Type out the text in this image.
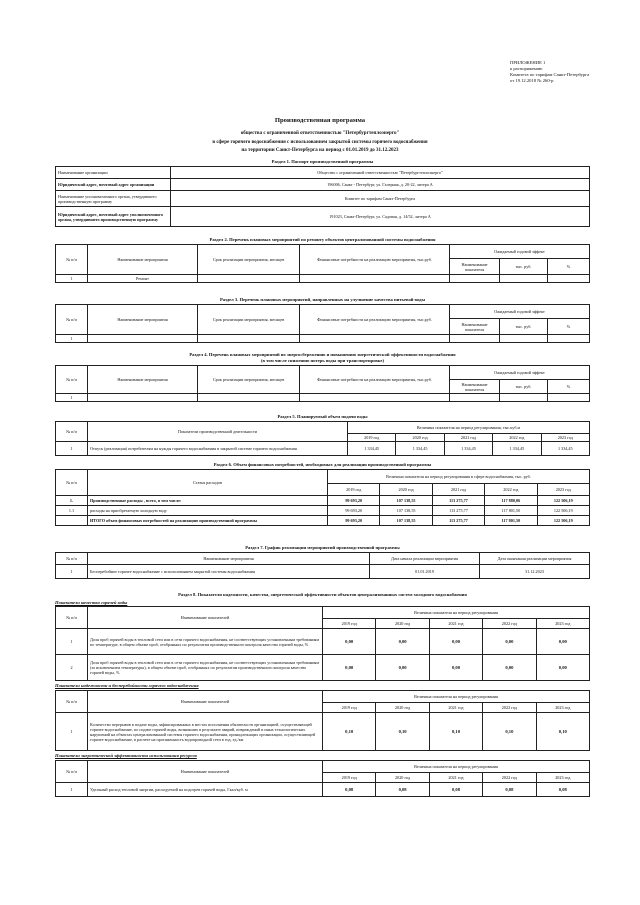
ПРИЛОЖЕНИЕ 1
к распоряжению
Комитета по тарифам Санкт-Петербурга
от 19.12.2018 № 260-р
Производственная программа
общества с ограниченной ответственностью "Петербургтеплоэнерго"
в сфере горячего водоснабжения с использованием закрытой системы горячего водоснабжения
на территории Санкт-Петербурга на период с 01.01.2019 до 31.12.2023
Раздел 1. Паспорт производственной программы
Наименование организации	Общество с ограниченной ответственностью "Петербургтеплоэнерго"
Юридический адрес, почтовый адрес организации	196006, Санкт - Петербург, ул. Галерная, д. 20-22, литера А
Наименование уполномоченного органа, утвердившего производственную программу	Комитет по тарифам Санкт-Петербурга
Юридический адрес, почтовый адрес уполномоченного органа, утвердившего производственную программу	191023, Санкт-Петербург, ул. Садовая, д. 14/52, литера А
Раздел 2. Перечень плановых мероприятий по ремонту объектов централизованной системы водоснабжения
№ п/п	Наименование мероприятия	Срок реализации мероприятия, месяцев	Финансовые потребности на реализацию мероприятия, тыс.руб.	Ожидаемый годовой эффект		
				Наименование показателя	тыс. руб.	%
1	Ремонт					
Раздел 3. Перечень плановых мероприятий, направленных на улучшение качества питьевой воды
№ п/п	Наименование мероприятия	Срок реализации мероприятия, месяцев	Финансовые потребности на реализацию мероприятия, тыс.руб.	Ожидаемый годовой эффект		
				Наименование показателя	тыс. руб.	%
1						
Раздел 4. Перечень плановых мероприятий по энергосбережению и повышению энергетической эффективности водоснабжения
(в том числе снижению потерь воды при транспортировке)
№ п/п	Наименование мероприятия	Срок реализации мероприятия, месяцев	Финансовые потребности на реализацию мероприятия, тыс.руб.	Ожидаемый годовой эффект		
				Наименование показателя	тыс. руб.	%
1						
Раздел 5. Планируемый объем подачи воды
№ п/п	Показатели производственной деятельности	Величина показателя на период регулирования, тыс.куб.м				
		2019 год	2020 год	2021 год	2022 год	2023 год
1	Отпуск (реализация) потребителям на нужды горячего водоснабжения в закрытой системе горячего водоснабжения	1 334,45	1 334,45	1 334,45	1 334,45	1 334,45
Раздел 6. Объем финансовых потребностей, необходимых для реализации производственной программы
№ п/п	Статья расходов	Величина показателя на период регулирования в сфере водоснабжения, тыс. руб.				
		2019 год	2020 год	2021 год	2022 год	2023 год
1.	Производственные расходы , всего, в том числе:	99 693,20	107 138,55	113 275,77	117 880,06	122 506,19
1.1	расходы на приобретаемую холодную воду	99 693,20	107 138,55	113 275,77	117 801,50	122 506,19
	ИТОГО объем финансовых потребностей на реализацию производственной программы	99 693,20	107 138,55	113 275,77	117 801,50	122 506,19
Раздел 7. График реализации мероприятий производственной программы
№ п/п	Наименование мероприятия	Дата начала реализации мероприятия	Дата окончания реализации мероприятия
1	Бесперебойное горячее водоснабжение с использованием закрытой системы водоснабжения	01.01.2019	31.12.2023
Раздел 8. Показатели надежности, качества, энергетической эффективности объектов централизованных систем холодного водоснабжения
Показатели качества горячей воды
№ п/п	Наименование показателей	Величина показателя на период регулирования				
		2019 год	2020 год	2021 год	2022 год	2023 год
1	Доля проб горячей воды в тепловой сети или в сети горячего водоснабжения, не соответствующих установленным требованиям по температуре, в общем объеме проб, отобранных по результатам производственного контроля качества горячей воды, %	0,00	0,00	0,00	0,00	0,00
2	Доля проб горячей воды в тепловой сети или в сети горячего водоснабжения, не соответствующих установленным требованиям (за исключением температуры), в общем объеме проб, отобранных по результатам производственного контроля качества горячей воды, %	0,00	0,00	0,00	0,00	0,00
Показатели надежности и бесперебойности горячего водоснабжения
№ п/п	Наименование показателей	Величина показателя на период регулирования				
		2019 год	2020 год	2021 год	2022 год	2023 год
1	Количество перерывов в подаче воды, зафиксированных в местах исполнения обязательств организацией, осуществляющей горячее водоснабжение, по подаче горячей воды, возникших в результате аварий, повреждений и иных технологических нарушений на объектах централизованной системы горячего водоснабжения, принадлежащих организации, осуществляющей горячее водоснабжение, в расчете на протяженность водопроводной сети в год, ед./км	0,10	0,10	0,10	0,10	0,10
Показатели энергетической эффективности использования ресурсов
№ п/п	Наименование показателей	Величина показателя на период регулирования				
		2019 год	2020 год	2021 год	2022 год	2023 год
1	Удельный расход тепловой энергии, расходуемой на подогрев горячей воды, Гкал/куб. м	0,08	0,08	0,08	0,08	0,08
